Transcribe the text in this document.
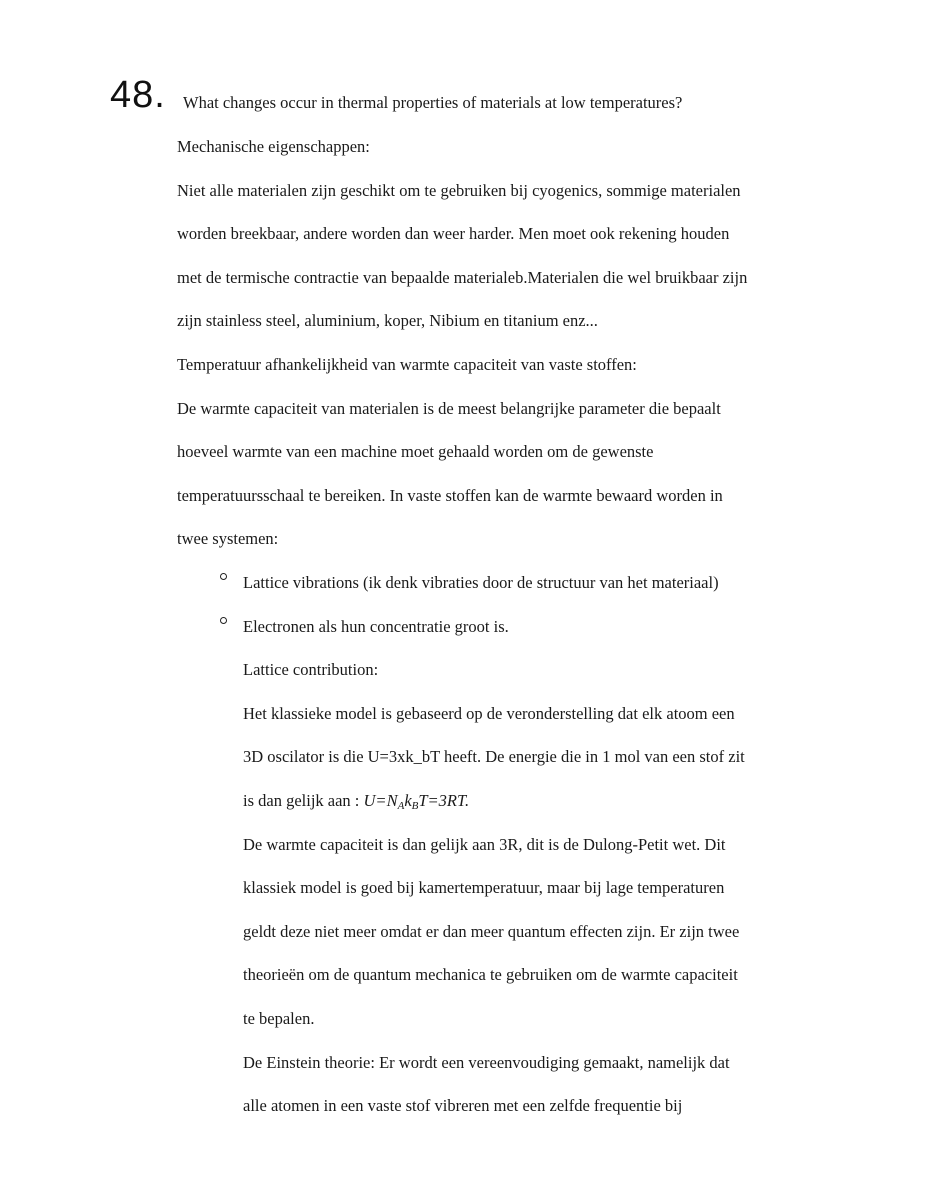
48. What changes occur in thermal properties of materials at low temperatures?
Mechanische eigenschappen:
Niet alle materialen zijn geschikt om te gebruiken bij cyogenics, sommige materialen
worden breekbaar, andere worden dan weer harder. Men moet ook rekening houden
met de termische contractie van bepaalde materialeb.Materialen die wel bruikbaar zijn
zijn stainless steel, aluminium, koper, Nibium en titanium enz...
Temperatuur afhankelijkheid van warmte capaciteit van vaste stoffen:
De warmte capaciteit van materialen is de meest belangrijke parameter die bepaalt
hoeveel warmte van een machine moet gehaald worden om de gewenste
temperatuursschaal te bereiken. In vaste stoffen kan de warmte bewaard worden in
twee systemen:
Lattice vibrations (ik denk vibraties door de structuur van het materiaal)
Electronen als hun concentratie groot is.
Lattice contribution:
Het klassieke model is gebaseerd op de veronderstelling dat elk atoom een
3D oscilator is die U=3xk_bT heeft. De energie die in 1 mol van een stof zit
is dan gelijk aan : $U=N_Ak_BT=3RT$.
De warmte capaciteit is dan gelijk aan 3R, dit is de Dulong-Petit wet. Dit
klassiek model is goed bij kamertemperatuur, maar bij lage temperaturen
geldt deze niet meer omdat er dan meer quantum effecten zijn. Er zijn twee
theorieën om de quantum mechanica te gebruiken om de warmte capaciteit
te bepalen.
De Einstein theorie: Er wordt een vereenvoudiging gemaakt, namelijk dat
alle atomen in een vaste stof vibreren met een zelfde frequentie bij
